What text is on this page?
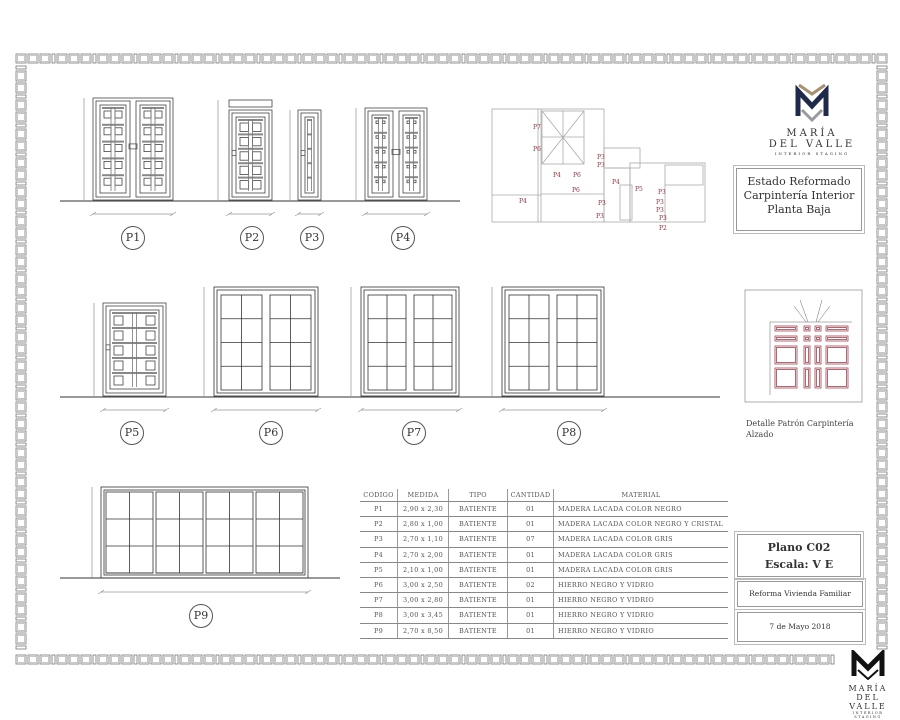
P1	P2	P3	P4
P5	P6	P7	P8
P9
P7
P6
P3
P3
P4 P6
P4
P6
P4
P5
P3
P3
P3
P3
P3	P3
P2
MARÍA
DEL VALLE
INTERIOR STAGING
Estado Reformado
Carpintería Interior
Planta Baja
Detalle Patrón Carpintería
Alzado
Plano C02
Escala: V E
Reforma Vivienda Familiar
7 de Mayo 2018
CODIGO	MEDIDA	TIPO	CANTIDAD	MATERIAL
P1	2,90 x 2,30	BATIENTE	01	MADERA LACADA COLOR NEGRO
P2	2,80 x 1,00	BATIENTE	01	MADERA LACADA COLOR NEGRO Y CRISTAL
P3	2,70 x 1,10	BATIENTE	07	MADERA LACADA COLOR GRIS
P4	2,70 x 2,00	BATIENTE	01	MADERA LACADA COLOR GRIS
P5	2,10 x 1,00	BATIENTE	01	MADERA LACADA COLOR GRIS
P6	3,00 x 2,50	BATIENTE	02	HIERRO NEGRO Y VIDRIO
P7	3,00 x 2,80	BATIENTE	01	HIERRO NEGRO Y VIDRIO
P8	3,00 x 3,45	BATIENTE	01	HIERRO NEGRO Y VIDRIO
P9	2,70 x 8,50	BATIENTE	01	HIERRO NEGRO Y VIDRIO
MARÍA
DEL VALLE
INTERIOR STAGING
